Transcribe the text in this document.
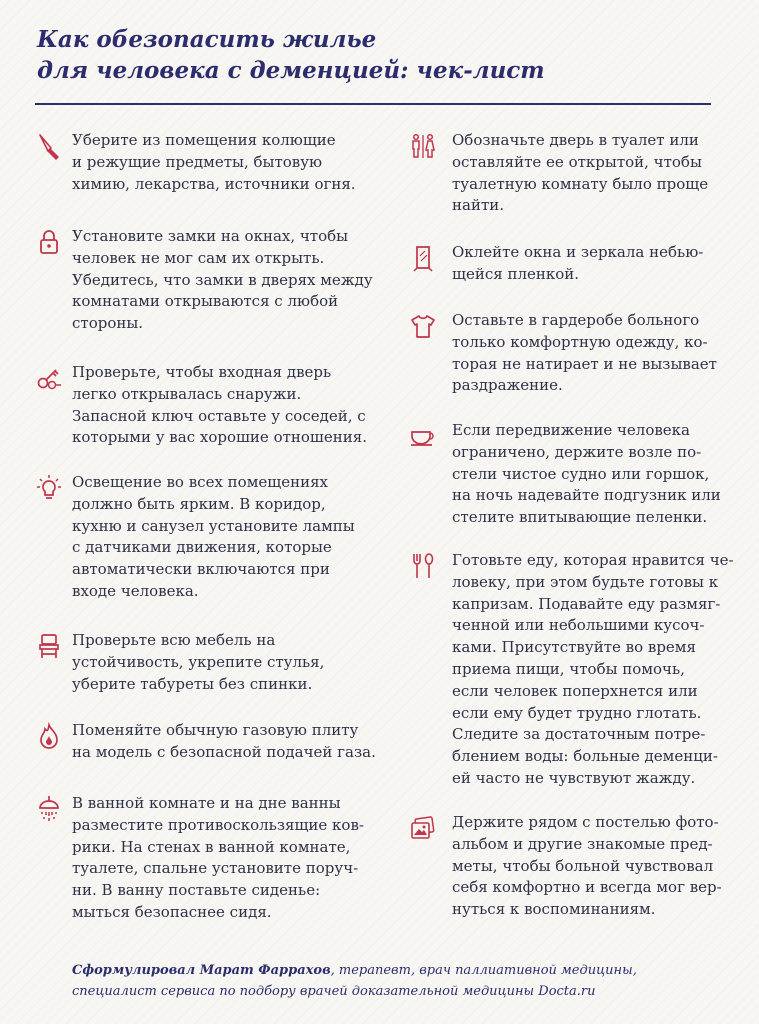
Как обезопасить жилье
для человека с деменцией: чек-лист
Уберите из помещения колющие
и режущие предметы, бытовую
химию, лекарства, источники огня.
Установите замки на окнах, чтобы
человек не мог сам их открыть.
Убедитесь, что замки в дверях между
комнатами открываются с любой
стороны.
Проверьте, чтобы входная дверь
легко открывалась снаружи.
Запасной ключ оставьте у соседей, с
которыми у вас хорошие отношения.
Освещение во всех помещениях
должно быть ярким. В коридор,
кухню и санузел установите лампы
с датчиками движения, которые
автоматически включаются при
входе человека.
Проверьте всю мебель на
устойчивость, укрепите стулья,
уберите табуреты без спинки.
Поменяйте обычную газовую плиту
на модель с безопасной подачей газа.
В ванной комнате и на дне ванны
разместите противоскользящие ков-
рики. На стенах в ванной комнате,
туалете, спальне установите поруч-
ни. В ванну поставьте сиденье:
мыться безопаснее сидя.
Обозначьте дверь в туалет или
оставляйте ее открытой, чтобы
туалетную комнату было проще
найти.
Оклейте окна и зеркала небью-
щейся пленкой.
Оставьте в гардеробе больного
только комфортную одежду, ко-
торая не натирает и не вызывает
раздражение.
Если передвижение человека
ограничено, держите возле по-
стели чистое судно или горшок,
на ночь надевайте подгузник или
стелите впитывающие пеленки.
Готовьте еду, которая нравится че-
ловеку, при этом будьте готовы к
капризам. Подавайте еду размяг-
ченной или небольшими кусоч-
ками. Присутствуйте во время
приема пищи, чтобы помочь,
если человек поперхнется или
если ему будет трудно глотать.
Следите за достаточным потре-
блением воды: больные деменци-
ей часто не чувствуют жажду.
Держите рядом с постелью фото-
альбом и другие знакомые пред-
меты, чтобы больной чувствовал
себя комфортно и всегда мог вер-
нуться к воспоминаниям.
Сформулировал Марат Фаррахов, терапевт, врач паллиативной медицины,
специалист сервиса по подбору врачей доказательной медицины Docta.ru
